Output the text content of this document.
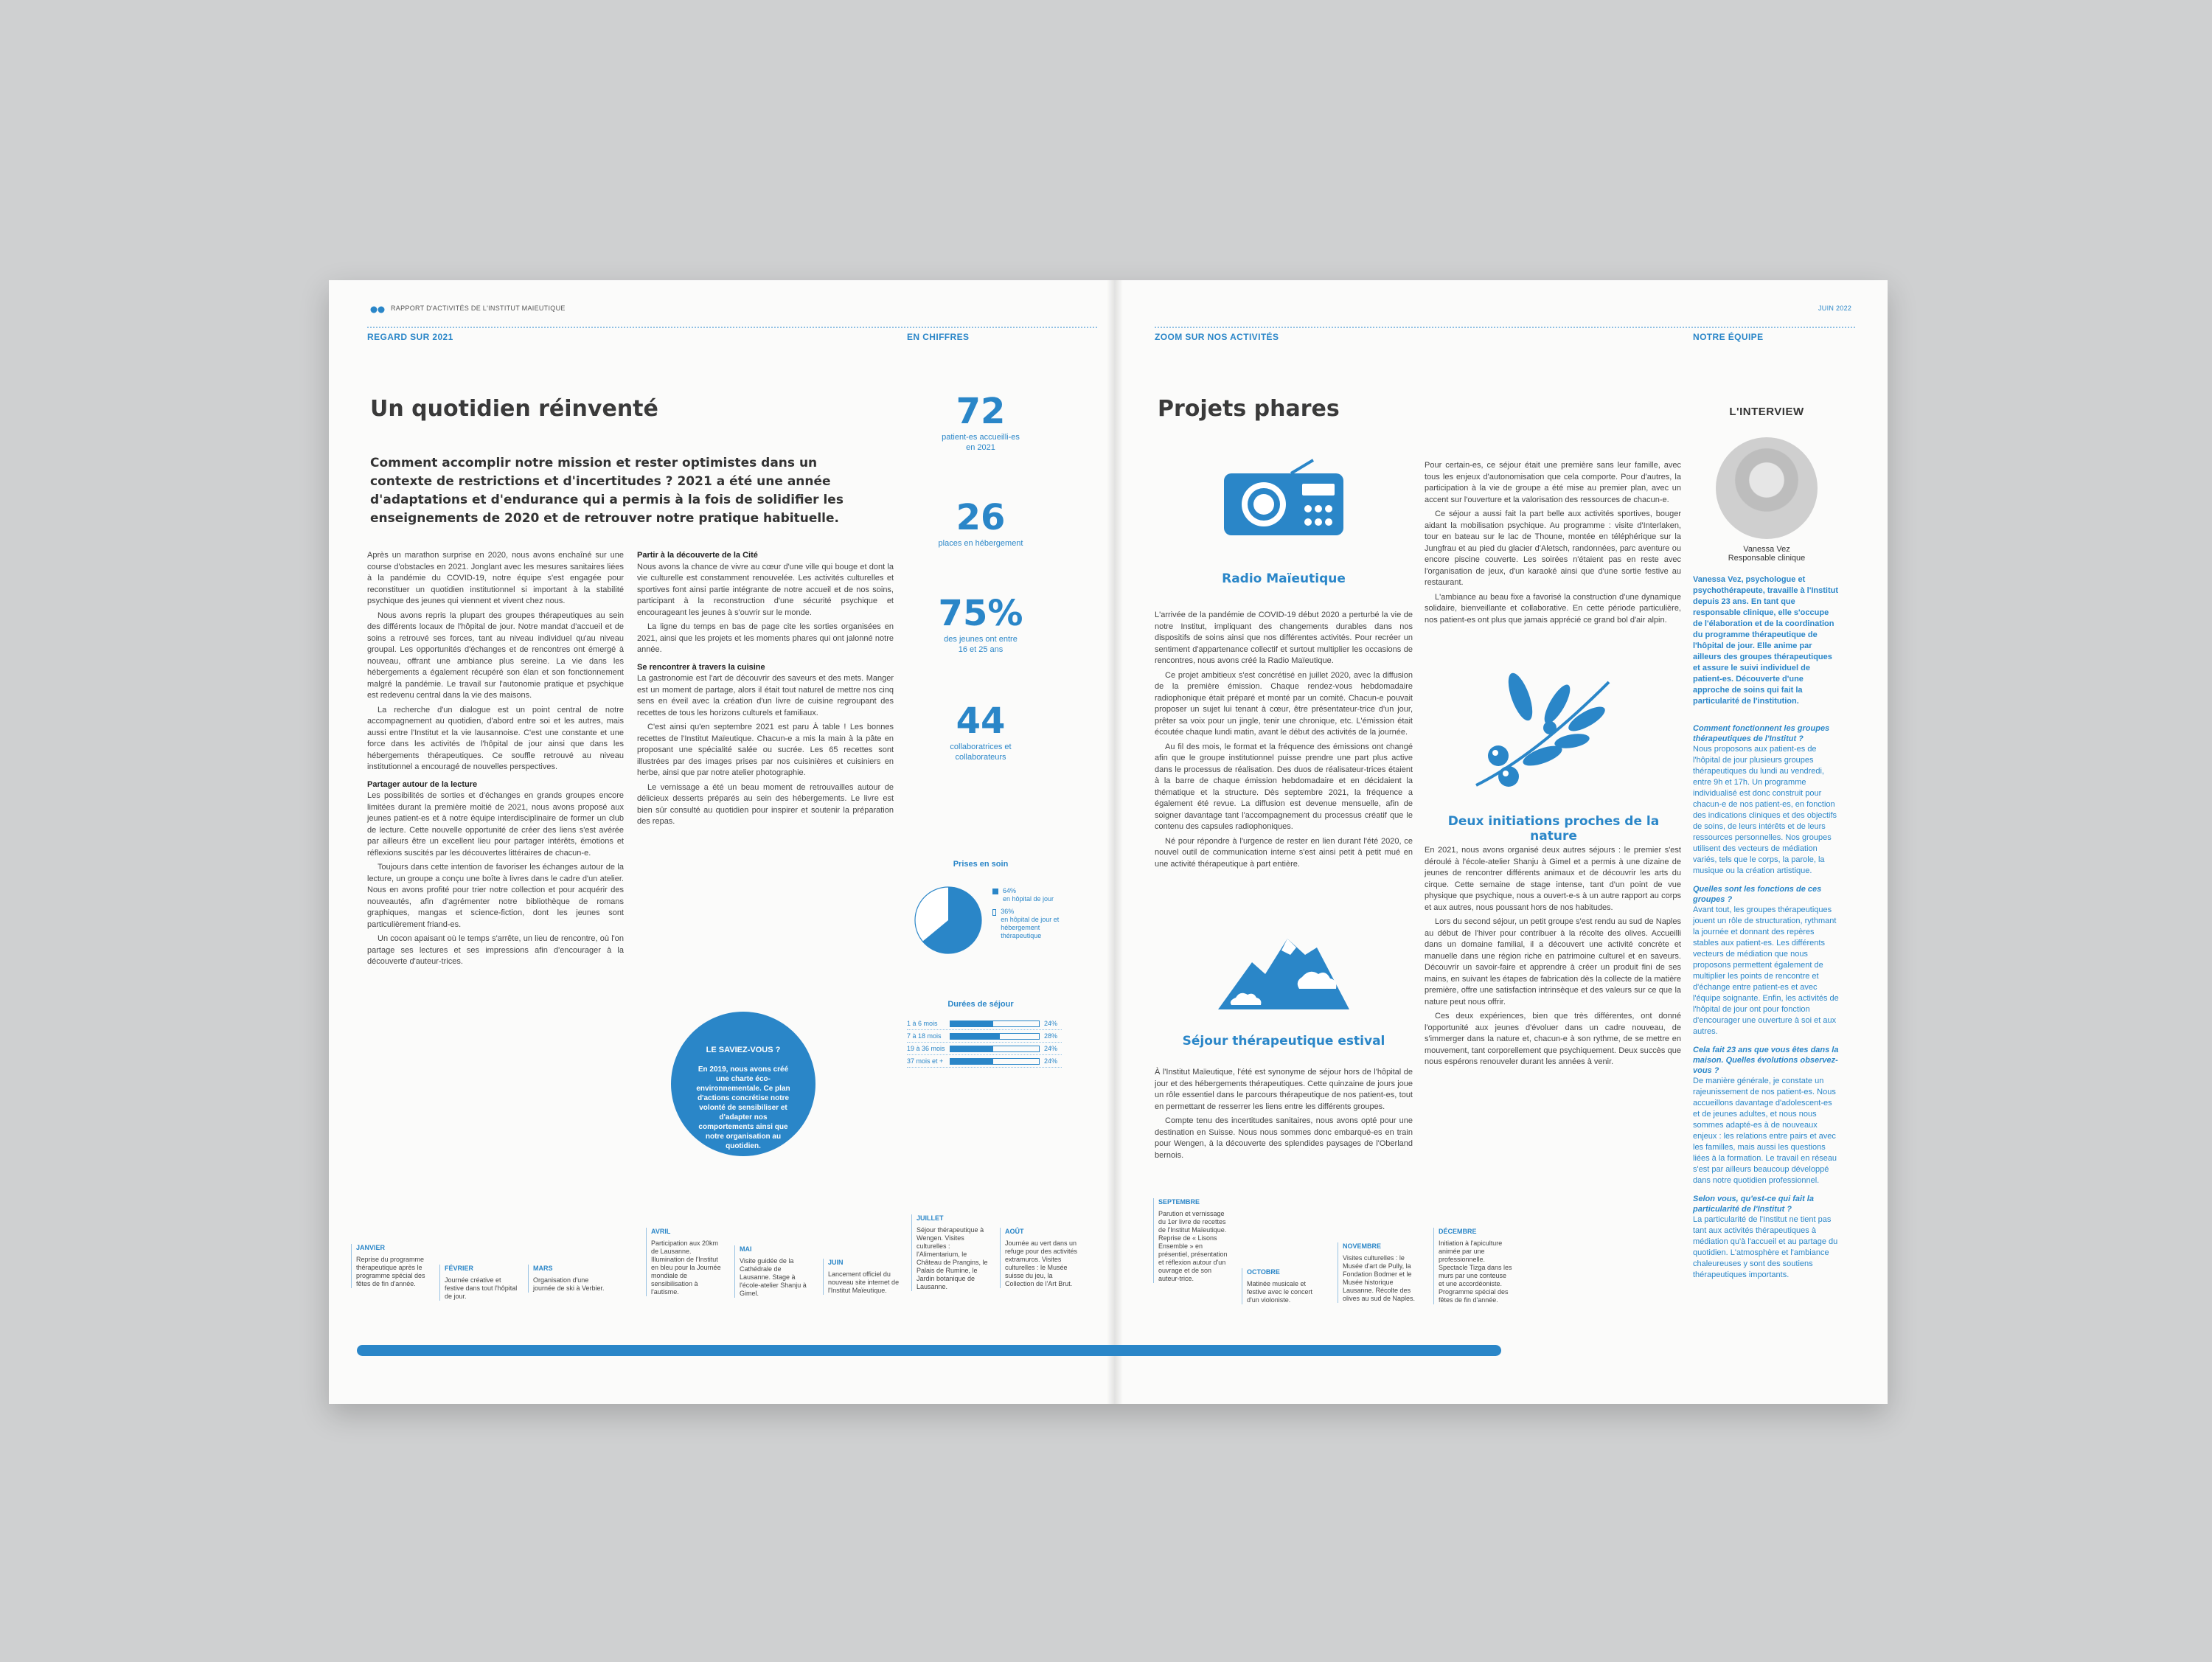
RAPPORT D'ACTIVITÉS DE L'INSTITUT MAIEUTIQUE
REGARD SUR 2021	EN CHIFFRES
Un quotidien réinventé
Comment accomplir notre mission et rester optimistes dans un contexte de restrictions et d'incertitudes ? 2021 a été une année d'adaptations et d'endurance qui a permis à la fois de solidifier les enseignements de 2020 et de retrouver notre pratique habituelle.

Après un marathon surprise en 2020, nous avons enchaîné sur une course d'obstacles en 2021. Jonglant avec les mesures sanitaires liées à la pandémie du COVID-19, notre équipe s'est engagée pour reconstituer un quotidien institutionnel si important à la stabilité psychique des jeunes qui viennent et vivent chez nous.

Nous avons repris la plupart des groupes thérapeutiques au sein des différents locaux de l'hôpital de jour. Notre mandat d'accueil et de soins a retrouvé ses forces, tant au niveau individuel qu'au niveau groupal. Les opportunités d'échanges et de rencontres ont émergé à nouveau, offrant une ambiance plus sereine. La vie dans les hébergements a également récupéré son élan et son fonctionnement malgré la pandémie. Le travail sur l'autonomie pratique et psychique est redevenu central dans la vie des maisons.

La recherche d'un dialogue est un point central de notre accompagnement au quotidien, d'abord entre soi et les autres, mais aussi entre l'Institut et la vie lausannoise. C'est une constante et une force dans les activités de l'hôpital de jour ainsi que dans les hébergements thérapeutiques. Ce souffle retrouvé au niveau institutionnel a encouragé de nouvelles perspectives.

Partager autour de la lecture

Les possibilités de sorties et d'échanges en grands groupes encore limitées durant la première moitié de 2021, nous avons proposé aux jeunes patient-es et à notre équipe interdisciplinaire de former un club de lecture. Cette nouvelle opportunité de créer des liens s'est avérée par ailleurs être un excellent lieu pour partager intérêts, émotions et réflexions suscités par les découvertes littéraires de chacun-e.

Toujours dans cette intention de favoriser les échanges autour de la lecture, un groupe a conçu une boîte à livres dans le cadre d'un atelier. Nous en avons profité pour trier notre collection et pour acquérir des nouveautés, afin d'agrémenter notre bibliothèque de romans graphiques, mangas et science-fiction, dont les jeunes sont particulièrement friand-es.

Un cocon apaisant où le temps s'arrête, un lieu de rencontre, où l'on partage ses lectures et ses impressions afin d'encourager à la découverte d'auteur-trices.

Partir à la découverte de la Cité

Nous avons la chance de vivre au cœur d'une ville qui bouge et dont la vie culturelle est constamment renouvelée. Les activités culturelles et sportives font ainsi partie intégrante de notre accueil et de nos soins, participant à la reconstruction d'une sécurité psychique et encourageant les jeunes à s'ouvrir sur le monde.

La ligne du temps en bas de page cite les sorties organisées en 2021, ainsi que les projets et les moments phares qui ont jalonné notre année.

Se rencontrer à travers la cuisine

La gastronomie est l'art de découvrir des saveurs et des mets. Manger est un moment de partage, alors il était tout naturel de mettre nos cinq sens en éveil avec la création d'un livre de cuisine regroupant des recettes de tous les horizons culturels et familiaux.

C'est ainsi qu'en septembre 2021 est paru À table ! Les bonnes recettes de l'Institut Maïeutique. Chacun-e a mis la main à la pâte en proposant une spécialité salée ou sucrée. Les 65 recettes sont illustrées par des images prises par nos cuisinières et cuisiniers en herbe, ainsi que par notre atelier photographie.

Le vernissage a été un beau moment de retrouvailles autour de délicieux desserts préparés au sein des hébergements. Le livre est bien sûr consulté au quotidien pour inspirer et soutenir la préparation des repas.

72
patient-es accueilli-es en 2021
26
places en hébergement
75%
des jeunes ont entre 16 et 25 ans
44
collaboratrices et collaborateurs
Prises en soin
64%
en hôpital de jour
36%
en hôpital de jour et hébergement thérapeutique
Durées de séjour
1 à 6 mois	24%
7 à 18 mois	28%
19 à 36 mois	24%
37 mois et +	24%
LE SAVIEZ-VOUS ?
En 2019, nous avons créé une charte éco-environnementale. Ce plan d'actions concrétise notre volonté de sensibiliser et d'adapter nos comportements ainsi que notre organisation au quotidien.
JANVIER
Reprise du programme thérapeutique après le programme spécial des fêtes de fin d'année.
FÉVRIER
Journée créative et festive dans tout l'hôpital de jour.
MARS
Organisation d'une journée de ski à Verbier.
AVRIL
Participation aux 20km de Lausanne. Illumination de l'Institut en bleu pour la Journée mondiale de sensibilisation à l'autisme.
MAI
Visite guidée de la Cathédrale de Lausanne. Stage à l'école-atelier Shanju à Gimel.
JUIN
Lancement officiel du nouveau site internet de l'Institut Maïeutique.
JUILLET
Séjour thérapeutique à Wengen. Visites culturelles : l'Alimentarium, le Château de Prangins, le Palais de Rumine, le Jardin botanique de Lausanne.
AOÛT
Journée au vert dans un refuge pour des activités extramuros. Visites culturelles : le Musée suisse du jeu, la Collection de l'Art Brut.
JUIN 2022
ZOOM SUR NOS ACTIVITÉS	NOTRE ÉQUIPE
Projets phares
Radio Maïeutique

L'arrivée de la pandémie de COVID-19 début 2020 a perturbé la vie de notre Institut, impliquant des changements durables dans nos dispositifs de soins ainsi que nos différentes activités. Pour recréer un sentiment d'appartenance collectif et surtout multiplier les occasions de rencontres, nous avons créé la Radio Maïeutique.

Ce projet ambitieux s'est concrétisé en juillet 2020, avec la diffusion de la première émission. Chaque rendez-vous hebdomadaire radiophonique était préparé et monté par un comité. Chacun-e pouvait proposer un sujet lui tenant à cœur, être présentateur-trice d'un jour, prêter sa voix pour un jingle, tenir une chronique, etc. L'émission était écoutée chaque lundi matin, avant le début des activités de la journée.

Au fil des mois, le format et la fréquence des émissions ont changé afin que le groupe institutionnel puisse prendre une part plus active dans le processus de réalisation. Des duos de réalisateur-trices étaient à la barre de chaque émission hebdomadaire et en décidaient la thématique et la structure. Dès septembre 2021, la fréquence a également été revue. La diffusion est devenue mensuelle, afin de soigner davantage tant l'accompagnement du processus créatif que le contenu des capsules radiophoniques.

Né pour répondre à l'urgence de rester en lien durant l'été 2020, ce nouvel outil de communication interne s'est ainsi petit à petit mué en une activité thérapeutique à part entière.

Séjour thérapeutique estival

À l'Institut Maïeutique, l'été est synonyme de séjour hors de l'hôpital de jour et des hébergements thérapeutiques. Cette quinzaine de jours joue un rôle essentiel dans le parcours thérapeutique de nos patient-es, tout en permettant de resserrer les liens entre les différents groupes.

Compte tenu des incertitudes sanitaires, nous avons opté pour une destination en Suisse. Nous nous sommes donc embarqué-es en train pour Wengen, à la découverte des splendides paysages de l'Oberland bernois.

Pour certain-es, ce séjour était une première sans leur famille, avec tous les enjeux d'autonomisation que cela comporte. Pour d'autres, la participation à la vie de groupe a été mise au premier plan, avec un accent sur l'ouverture et la valorisation des ressources de chacun-e.

Ce séjour a aussi fait la part belle aux activités sportives, bouger aidant la mobilisation psychique. Au programme : visite d'Interlaken, tour en bateau sur le lac de Thoune, montée en téléphérique sur la Jungfrau et au pied du glacier d'Aletsch, randonnées, parc aventure ou encore piscine couverte. Les soirées n'étaient pas en reste avec l'organisation de jeux, d'un karaoké ainsi que d'une sortie festive au restaurant.

L'ambiance au beau fixe a favorisé la construction d'une dynamique solidaire, bienveillante et collaborative. En cette période particulière, nos patient-es ont plus que jamais apprécié ce grand bol d'air alpin.

Deux initiations proches de la nature

En 2021, nous avons organisé deux autres séjours : le premier s'est déroulé à l'école-atelier Shanju à Gimel et a permis à une dizaine de jeunes de rencontrer différents animaux et de découvrir les arts du cirque. Cette semaine de stage intense, tant d'un point de vue physique que psychique, nous a ouvert-e-s à un autre rapport au corps et aux autres, nous poussant hors de nos habitudes.

Lors du second séjour, un petit groupe s'est rendu au sud de Naples au début de l'hiver pour contribuer à la récolte des olives. Accueilli dans un domaine familial, il a découvert une activité concrète et manuelle dans une région riche en patrimoine culturel et en saveurs. Découvrir un savoir-faire et apprendre à créer un produit fini de ses mains, en suivant les étapes de fabrication dès la collecte de la matière première, offre une satisfaction intrinsèque et des valeurs sur ce que la nature peut nous offrir.

Ces deux expériences, bien que très différentes, ont donné l'opportunité aux jeunes d'évoluer dans un cadre nouveau, de s'immerger dans la nature et, chacun-e à son rythme, de se mettre en mouvement, tant corporellement que psychiquement. Deux succès que nous espérons renouveler durant les années à venir.

L'INTERVIEW
Vanessa Vez
Responsable clinique
Vanessa Vez, psychologue et psychothérapeute, travaille à l'Institut depuis 23 ans. En tant que responsable clinique, elle s'occupe de l'élaboration et de la coordination du programme thérapeutique de l'hôpital de jour. Elle anime par ailleurs des groupes thérapeutiques et assure le suivi individuel de patient-es. Découverte d'une approche de soins qui fait la particularité de l'institution.
Comment fonctionnent les groupes thérapeutiques de l'Institut ?
Nous proposons aux patient-es de l'hôpital de jour plusieurs groupes thérapeutiques du lundi au vendredi, entre 9h et 17h. Un programme individualisé est donc construit pour chacun-e de nos patient-es, en fonction des indications cliniques et des objectifs de soins, de leurs intérêts et de leurs ressources personnelles. Nos groupes utilisent des vecteurs de médiation variés, tels que le corps, la parole, la musique ou la création artistique.
Quelles sont les fonctions de ces groupes ?
Avant tout, les groupes thérapeutiques jouent un rôle de structuration, rythmant la journée et donnant des repères stables aux patient-es. Les différents vecteurs de médiation que nous proposons permettent également de multiplier les points de rencontre et d'échange entre patient-es et avec l'équipe soignante. Enfin, les activités de l'hôpital de jour ont pour fonction d'encourager une ouverture à soi et aux autres.
Cela fait 23 ans que vous êtes dans la maison. Quelles évolutions observez-vous ?
De manière générale, je constate un rajeunissement de nos patient-es. Nous accueillons davantage d'adolescent-es et de jeunes adultes, et nous nous sommes adapté-es à de nouveaux enjeux : les relations entre pairs et avec les familles, mais aussi les questions liées à la formation. Le travail en réseau s'est par ailleurs beaucoup développé dans notre quotidien professionnel.
Selon vous, qu'est-ce qui fait la particularité de l'Institut ?
La particularité de l'Institut ne tient pas tant aux activités thérapeutiques à médiation qu'à l'accueil et au partage du quotidien. L'atmosphère et l'ambiance chaleureuses y sont des soutiens thérapeutiques importants.
SEPTEMBRE
Parution et vernissage du 1er livre de recettes de l'Institut Maïeutique. Reprise de « Lisons Ensemble » en présentiel, présentation et réflexion autour d'un ouvrage et de son auteur-trice.
OCTOBRE
Matinée musicale et festive avec le concert d'un violoniste.
NOVEMBRE
Visites culturelles : le Musée d'art de Pully, la Fondation Bodmer et le Musée historique Lausanne. Récolte des olives au sud de Naples.
DÉCEMBRE
Initiation à l'apiculture animée par une professionnelle. Spectacle Tizga dans les murs par une conteuse et une accordéoniste. Programme spécial des fêtes de fin d'année.
